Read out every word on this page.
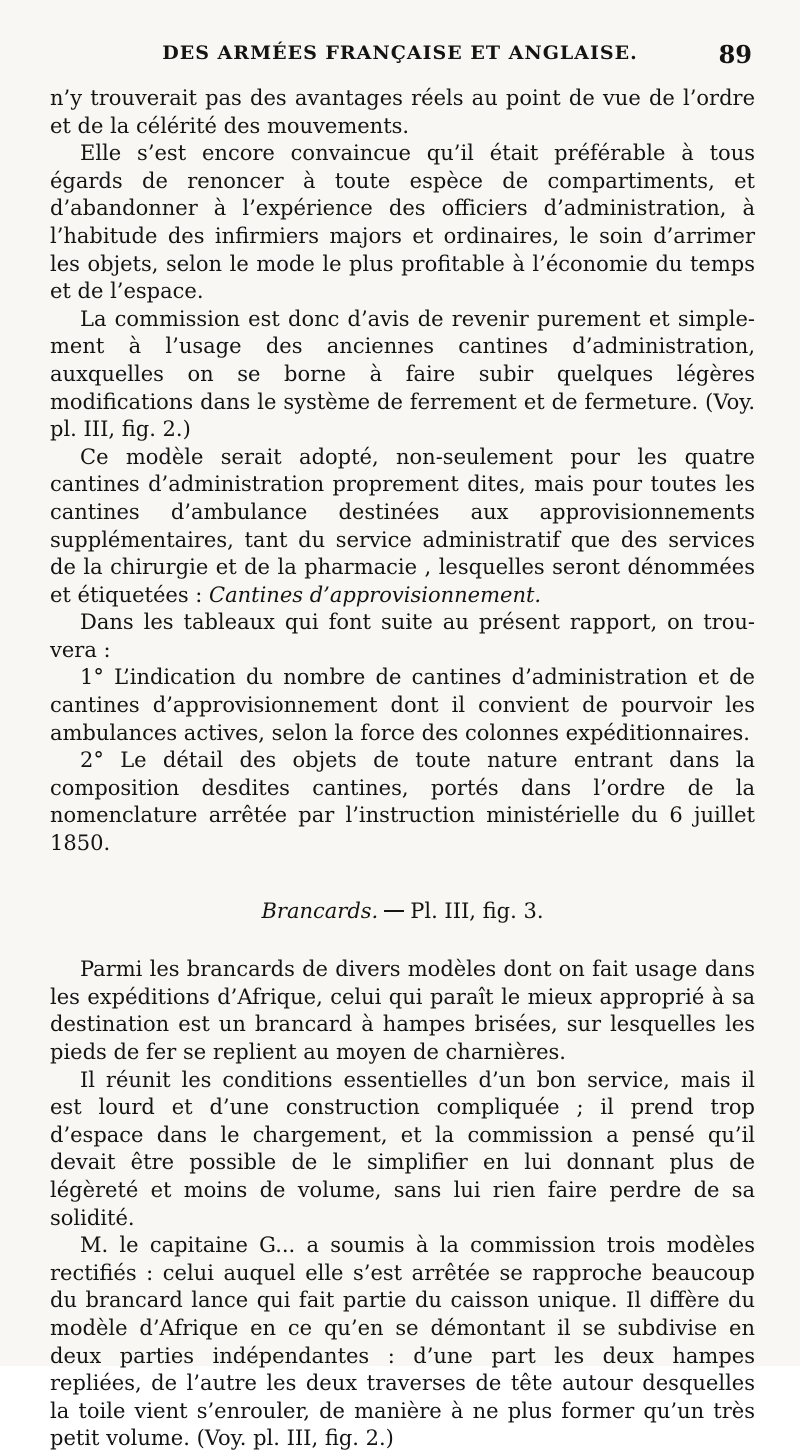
DES ARMÉES FRANÇAISE ET ANGLAISE.	89

n’y trouverait pas des avantages réels au point de vue de l’ordre et de la célérité des mouvements.

Elle s’est encore convaincue qu’il était préférable à tous égards de renoncer à toute espèce de compartiments, et d’abandonner à l’expérience des officiers d’administration, à l’habitude des infirmiers majors et ordinaires, le soin d’arrimer les objets, selon le mode le plus profitable à l’économie du temps et de l’espace.

La commission est donc d’avis de revenir purement et simplement à l’usage des anciennes cantines d’administration, auxquelles on se borne à faire subir quelques légères modifications dans le système de ferrement et de fermeture. (Voy. pl. III, fig. 2.)

Ce modèle serait adopté, non-seulement pour les quatre cantines d’administration proprement dites, mais pour toutes les cantines d’ambulance destinées aux approvisionnements supplémentaires, tant du service administratif que des services de la chirurgie et de la pharmacie , lesquelles seront dénommées et étiquetées : Cantines d’approvisionnement.

Dans les tableaux qui font suite au présent rapport, on trouvera :

1° L’indication du nombre de cantines d’administration et de cantines d’approvisionnement dont il convient de pourvoir les ambulances actives, selon la force des colonnes expéditionnaires.

2° Le détail des objets de toute nature entrant dans la composition desdites cantines, portés dans l’ordre de la nomenclature arrêtée par l’instruction ministérielle du 6 juillet 1850.

Brancards. Pl. III, fig. 3.

Parmi les brancards de divers modèles dont on fait usage dans les expéditions d’Afrique, celui qui paraît le mieux approprié à sa destination est un brancard à hampes brisées, sur lesquelles les pieds de fer se replient au moyen de charnières.

Il réunit les conditions essentielles d’un bon service, mais il est lourd et d’une construction compliquée ; il prend trop d’espace dans le chargement, et la commission a pensé qu’il devait être possible de le simplifier en lui donnant plus de légèreté et moins de volume, sans lui rien faire perdre de sa solidité.

M. le capitaine G... a soumis à la commission trois modèles rectifiés : celui auquel elle s’est arrêtée se rapproche beaucoup du brancard lance qui fait partie du caisson unique. Il diffère du modèle d’Afrique en ce qu’en se démontant il se subdivise en deux parties indépendantes : d’une part les deux hampes repliées, de l’autre les deux traverses de tête autour desquelles la toile vient s’enrouler, de manière à ne plus former qu’un très petit volume. (Voy. pl. III, fig. 2.)
